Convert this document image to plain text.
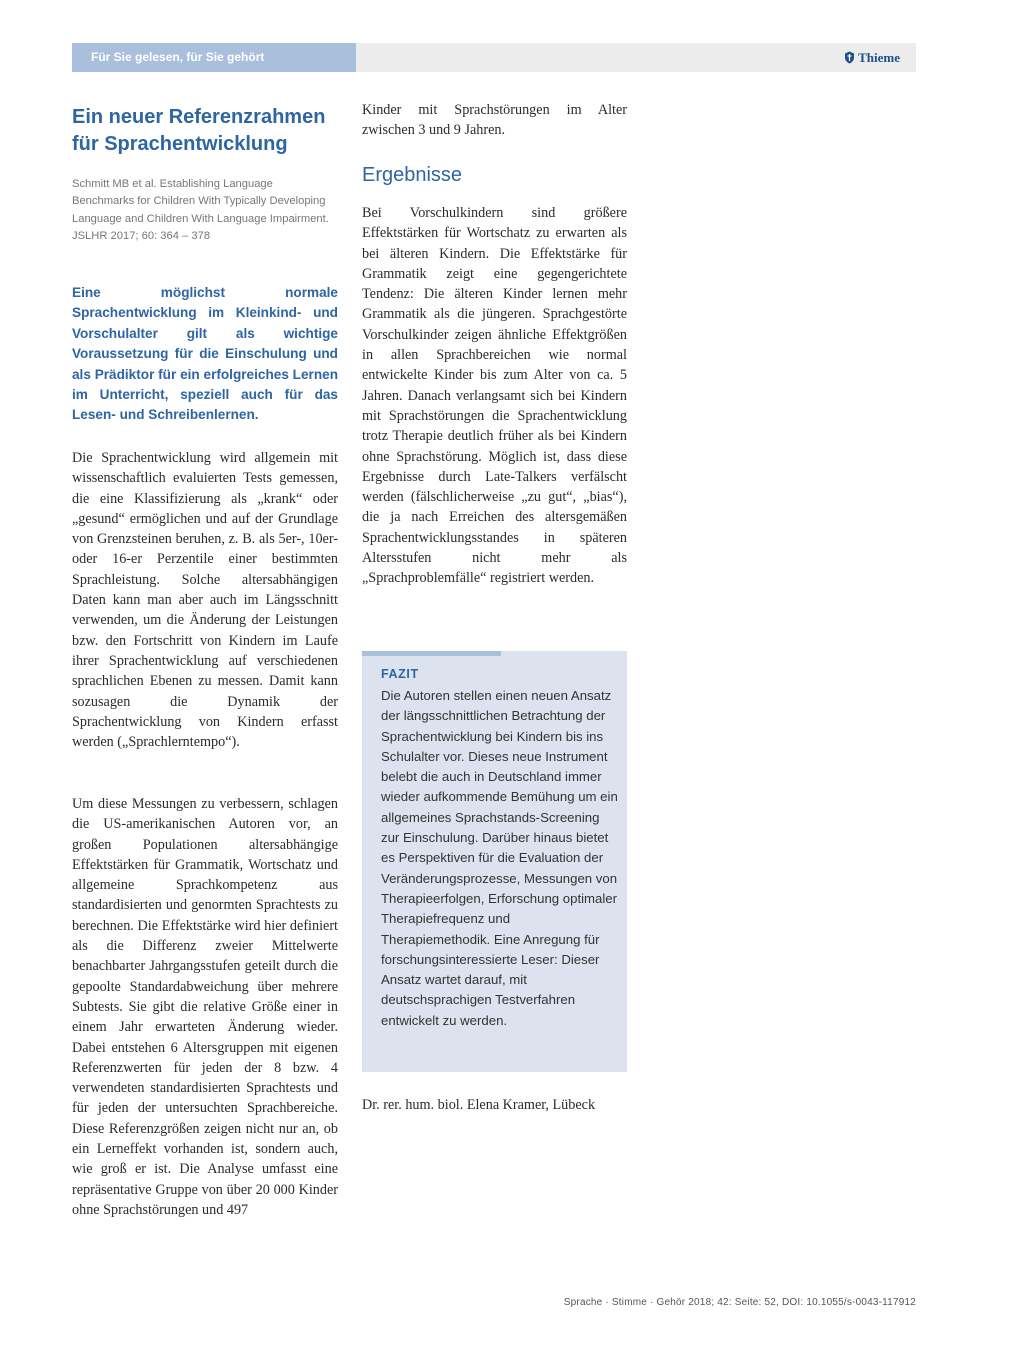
Für Sie gelesen, für Sie gehört	Thieme
Ein neuer Referenzrahmen für Sprachentwicklung

Schmitt MB et al. Establishing Language Benchmarks for Children With Typically Developing Language and Children With Language Impairment. JSLHR 2017; 60: 364 – 378

Eine möglichst normale Sprachentwicklung im Kleinkind- und Vorschulalter gilt als wichtige Voraussetzung für die Einschulung und als Prädiktor für ein erfolgreiches Lernen im Unterricht, speziell auch für das Lesen- und Schreibenlernen.

Die Sprachentwicklung wird allgemein mit wissenschaftlich evaluierten Tests gemessen, die eine Klassifizierung als „krank“ oder „gesund“ ermöglichen und auf der Grundlage von Grenzsteinen beruhen, z. B. als 5er-, 10er- oder 16-er Perzentile einer bestimmten Sprachleistung. Solche altersabhängigen Daten kann man aber auch im Längsschnitt verwenden, um die Änderung der Leistungen bzw. den Fortschritt von Kindern im Laufe ihrer Sprachentwicklung auf verschiedenen sprachlichen Ebenen zu messen. Damit kann sozusagen die Dynamik der Sprachentwicklung von Kindern erfasst werden („Sprachlerntempo“).

Um diese Messungen zu verbessern, schlagen die US-amerikanischen Autoren vor, an großen Populationen altersabhängige Effektstärken für Grammatik, Wortschatz und allgemeine Sprachkompetenz aus standardisierten und genormten Sprachtests zu berechnen. Die Effektstärke wird hier definiert als die Differenz zweier Mittelwerte benachbarter Jahrgangsstufen geteilt durch die gepoolte Standardabweichung über mehrere Subtests. Sie gibt die relative Größe einer in einem Jahr erwarteten Änderung wieder. Dabei entstehen 6 Altersgruppen mit eigenen Referenzwerten für jeden der 8 bzw. 4 verwendeten standardisierten Sprachtests und für jeden der untersuchten Sprachbereiche. Diese Referenzgrößen zeigen nicht nur an, ob ein Lerneffekt vorhanden ist, sondern auch, wie groß er ist. Die Analyse umfasst eine repräsentative Gruppe von über 20 000 Kinder ohne Sprachstörungen und 497

Kinder mit Sprachstörungen im Alter zwischen 3 und 9 Jahren.

Ergebnisse

Bei Vorschulkindern sind größere Effektstärken für Wortschatz zu erwarten als bei älteren Kindern. Die Effektstärke für Grammatik zeigt eine gegengerichtete Tendenz: Die älteren Kinder lernen mehr Grammatik als die jüngeren. Sprachgestörte Vorschulkinder zeigen ähnliche Effektgrößen in allen Sprachbereichen wie normal entwickelte Kinder bis zum Alter von ca. 5 Jahren. Danach verlangsamt sich bei Kindern mit Sprachstörungen die Sprachentwicklung trotz Therapie deutlich früher als bei Kindern ohne Sprachstörung. Möglich ist, dass diese Ergebnisse durch Late-Talkers verfälscht werden (fälschlicherweise „zu gut“, „bias“), die ja nach Erreichen des altersgemäßen Sprachentwicklungsstandes in späteren Altersstufen nicht mehr als „Sprachproblemfälle“ registriert werden.

FAZIT

Die Autoren stellen einen neuen Ansatz der längsschnittlichen Betrachtung der Sprachentwicklung bei Kindern bis ins Schulalter vor. Dieses neue Instrument belebt die auch in Deutschland immer wieder aufkommende Bemühung um ein allgemeines Sprachstands-Screening zur Einschulung. Darüber hinaus bietet es Perspektiven für die Evaluation der Veränderungsprozesse, Messungen von Therapieerfolgen, Erforschung optimaler Therapiefrequenz und Therapiemethodik. Eine Anregung für forschungsinteressierte Leser: Dieser Ansatz wartet darauf, mit deutschsprachigen Testverfahren entwickelt zu werden.

Dr. rer. hum. biol. Elena Kramer, Lübeck

Sprache · Stimme · Gehör 2018; 42: Seite: 52, DOI: 10.1055/s-0043-117912
